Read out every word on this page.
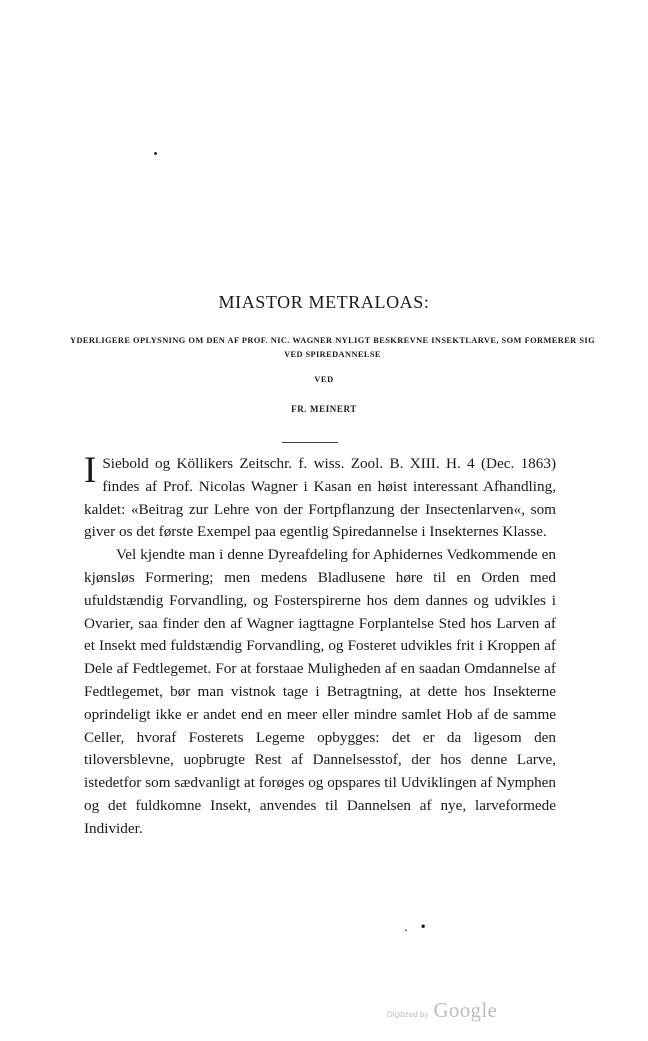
MIASTOR METRALOAS:
YDERLIGERE OPLYSNING OM DEN AF PROF. NIC. WAGNER NYLIGT BESKREVNE INSEKTLARVE, SOM FORMERER SIG VED SPIREDANNELSE
VED
FR. MEINERT

I Siebold og Köllikers Zeitschr. f. wiss. Zool. B. XIII. H. 4 (Dec. 1863) findes af Prof. Nicolas Wagner i Kasan en høist interessant Afhandling, kaldet: «Beitrag zur Lehre von der Fortpflanzung der Insectenlarven«, som giver os det første Exempel paa egentlig Spiredannelse i Insekternes Klasse.

Vel kjendte man i denne Dyreafdeling for Aphidernes Vedkommende en kjønsløs Formering; men medens Bladlusene høre til en Orden med ufuldstændig Forvandling, og Fosterspirerne hos dem dannes og udvikles i Ovarier, saa finder den af Wagner iagttagne Forplantelse Sted hos Larven af et Insekt med fuldstændig Forvandling, og Fosteret udvikles frit i Kroppen af Dele af Fedtlegemet. For at forstaae Muligheden af en saadan Omdannelse af Fedtlegemet, bør man vistnok tage i Betragtning, at dette hos Insekterne oprindeligt ikke er andet end en meer eller mindre samlet Hob af de samme Celler, hvoraf Fosterets Legeme opbygges: det er da ligesom den tiloversblevne, uopbrugte Rest af Dannelsesstof, der hos denne Larve, istedetfor som sædvanligt at forøges og opspares til Udviklingen af Nymphen og det fuldkomne Insekt, anvendes til Dannelsen af nye, larveformede Individer.

. •
Digitized by Google
